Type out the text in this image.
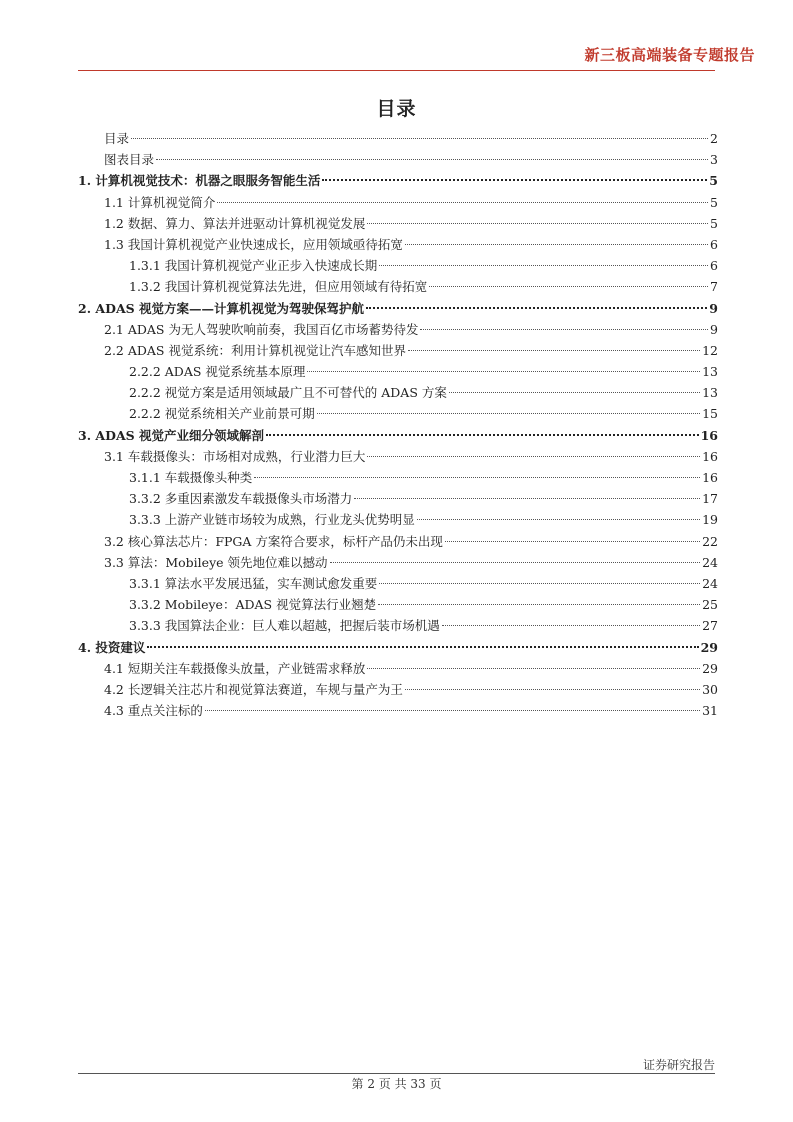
新三板高端装备专题报告
目录
目录	2
图表目录	3
1. 计算机视觉技术：机器之眼服务智能生活	5
1.1 计算机视觉简介	5
1.2 数据、算力、算法并进驱动计算机视觉发展	5
1.3 我国计算机视觉产业快速成长，应用领域亟待拓宽	6
1.3.1 我国计算机视觉产业正步入快速成长期	6
1.3.2 我国计算机视觉算法先进，但应用领域有待拓宽	7
2. ADAS 视觉方案——计算机视觉为驾驶保驾护航	9
2.1 ADAS 为无人驾驶吹响前奏，我国百亿市场蓄势待发	9
2.2 ADAS 视觉系统：利用计算机视觉让汽车感知世界	12
2.2.2 ADAS 视觉系统基本原理	13
2.2.2 视觉方案是适用领域最广且不可替代的 ADAS 方案	13
2.2.2 视觉系统相关产业前景可期	15
3. ADAS 视觉产业细分领域解剖	16
3.1 车载摄像头：市场相对成熟，行业潜力巨大	16
3.1.1 车载摄像头种类	16
3.3.2 多重因素激发车载摄像头市场潜力	17
3.3.3 上游产业链市场较为成熟，行业龙头优势明显	19
3.2 核心算法芯片：FPGA 方案符合要求，标杆产品仍未出现	22
3.3 算法：Mobileye 领先地位难以撼动	24
3.3.1 算法水平发展迅猛，实车测试愈发重要	24
3.3.2 Mobileye：ADAS 视觉算法行业翘楚	25
3.3.3 我国算法企业：巨人难以超越，把握后装市场机遇	27
4. 投资建议	29
4.1 短期关注车载摄像头放量，产业链需求释放	29
4.2 长逻辑关注芯片和视觉算法赛道，车规与量产为王	30
4.3 重点关注标的	31
证券研究报告
第 2 页 共 33 页
